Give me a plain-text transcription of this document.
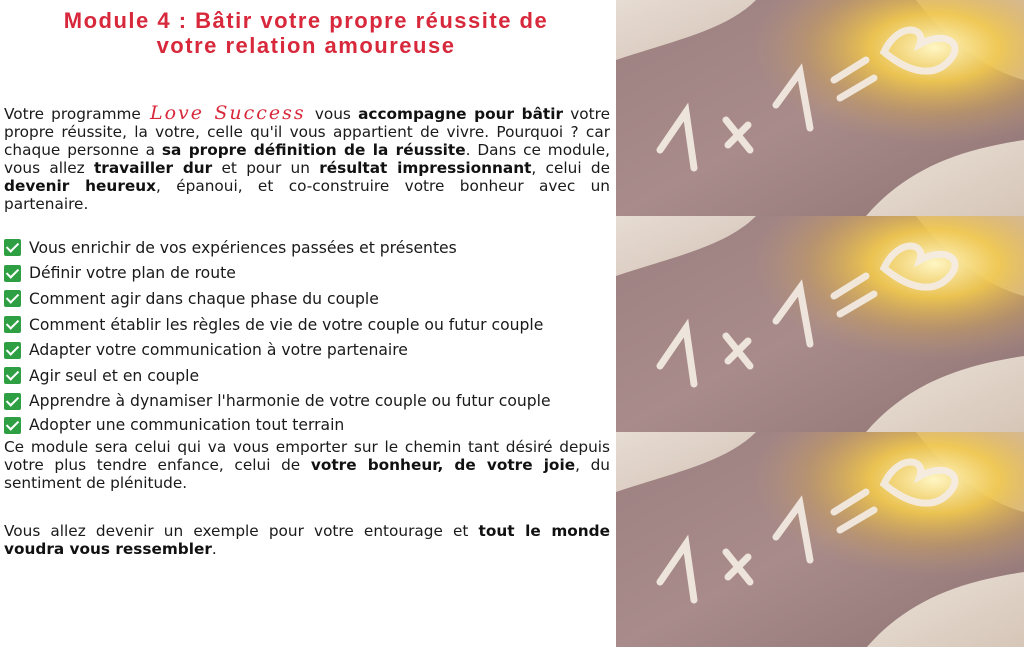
Module 4 : Bâtir votre propre réussite de
votre relation amoureuse

Votre programme Love Success vous accompagne pour bâtir votre propre réussite, la votre, celle qu'il vous appartient de vivre. Pourquoi ? car chaque personne a sa propre définition de la réussite. Dans ce module, vous allez travailler dur et pour un résultat impressionnant, celui de devenir heureux, épanoui, et co-construire votre bonheur avec un partenaire.

Vous enrichir de vos expériences passées et présentes
Définir votre plan de route
Comment agir dans chaque phase du couple
Comment établir les règles de vie de votre couple ou futur couple
Adapter votre communication à votre partenaire
Agir seul et en couple
Apprendre à dynamiser l'harmonie de votre couple ou futur couple
Adopter une communication tout terrain

Ce module sera celui qui va vous emporter sur le chemin tant désiré depuis votre plus tendre enfance, celui de votre bonheur, de votre joie, du sentiment de plénitude.

Vous allez devenir un exemple pour votre entourage et tout le monde voudra vous ressembler.
